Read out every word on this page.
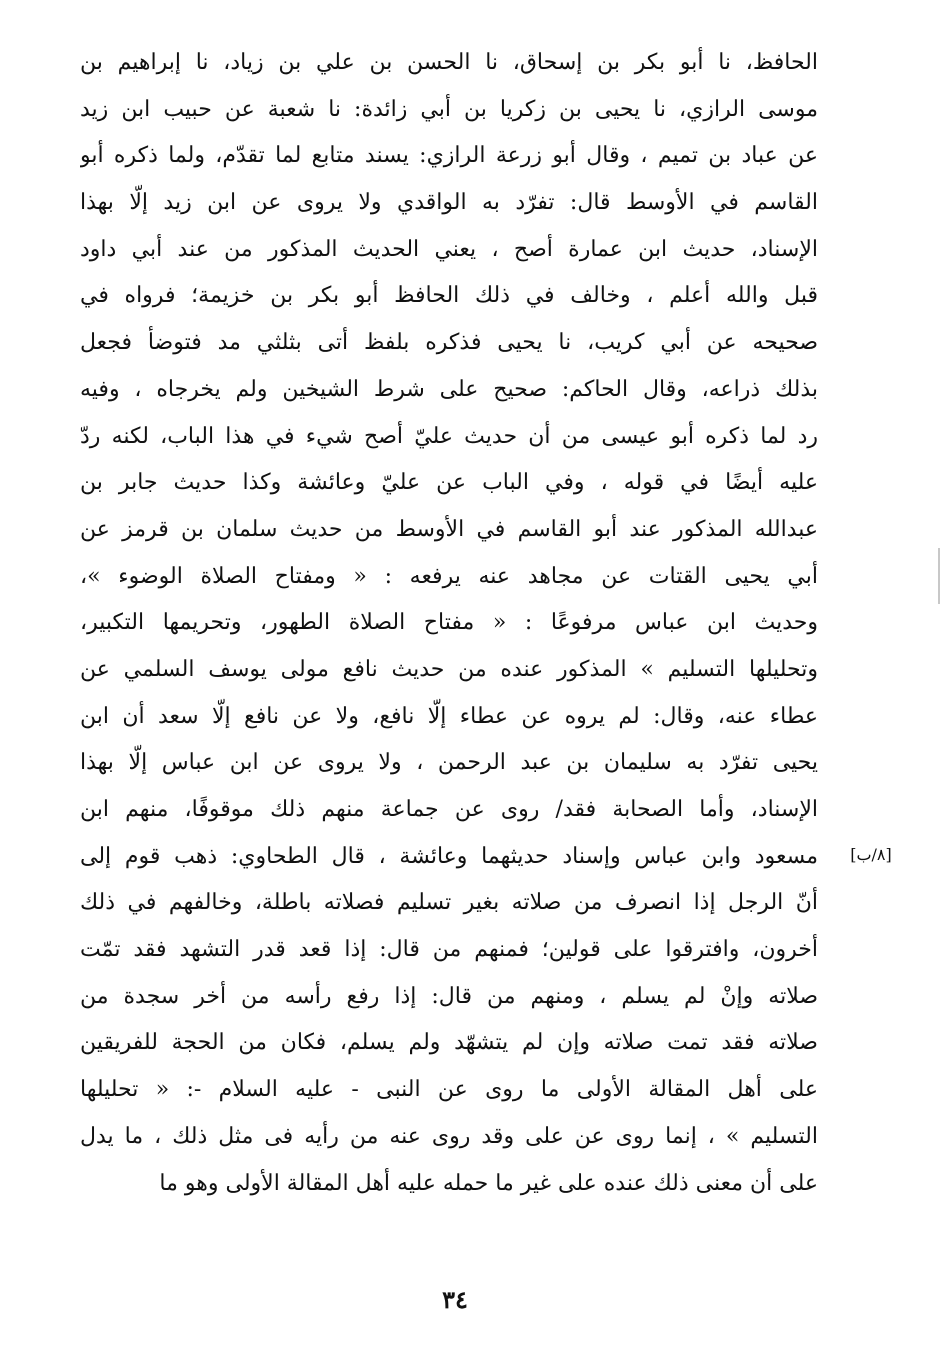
الحافظ، نا أبو بكر بن إسحاق، نا الحسن بن علي بن زياد، نا إبراهيم بن
موسى الرازي، نا يحيى بن زكريا بن أبي زائدة: نا شعبة عن حبيب ابن زيد
عن عباد بن تميم ، وقال أبو زرعة الرازي: يسند متابع لما تقدّم، ولما ذكره أبو
القاسم في الأوسط قال: تفرّد به الواقدي ولا يروى عن ابن زيد إلّا بهذا
الإسناد، حديث ابن عمارة أصح ، يعني الحديث المذكور من عند أبي داود
قبل والله أعلم ، وخالف في ذلك الحافظ أبو بكر بن خزيمة؛ فرواه في
صحيحه عن أبي كريب، نا يحيى فذكره بلفظ أتى بثلثي مد فتوضأ فجعل
بذلك ذراعه، وقال الحاكم: صحيح على شرط الشيخين ولم يخرجاه ، وفيه
رد لما ذكره أبو عيسى من أن حديث عليّ أصح شيء في هذا الباب، لكنه ردّ
عليه أيضًا في قوله ، وفي الباب عن عليّ وعائشة وكذا حديث جابر بن
عبدالله المذكور عند أبو القاسم في الأوسط من حديث سلمان بن قرمز عن
أبي يحيى القتات عن مجاهد عنه يرفعه : « ومفتاح الصلاة الوضوء »،
وحديث ابن عباس مرفوعًا : « مفتاح الصلاة الطهور، وتحريمها التكبير،
وتحليلها التسليم » المذكور عنده من حديث نافع مولى يوسف السلمي عن
عطاء عنه، وقال: لم يروه عن عطاء إلّا نافع، ولا عن نافع إلّا سعد أن ابن
يحيى تفرّد به سليمان بن عبد الرحمن ، ولا يروى عن ابن عباس إلّا بهذا
الإسناد، وأما الصحابة فقد/ روى عن جماعة منهم ذلك موقوفًا، منهم ابن
مسعود وابن عباس وإسناد حديثهما وعائشة ، قال الطحاوي: ذهب قوم إلى
أنّ الرجل إذا انصرف من صلاته بغير تسليم فصلاته باطلة، وخالفهم في ذلك
أخرون، وافترقوا على قولين؛ فمنهم من قال: إذا قعد قدر التشهد فقد تمّت
صلاته وإنْ لم يسلم ، ومنهم من قال: إذا رفع رأسه من أخر سجدة من
صلاته فقد تمت صلاته وإن لم يتشهّد ولم يسلم، فكان من الحجة للفريقين
على أهل المقالة الأولى ما روى عن النبى - عليه السلام -: « تحليلها
التسليم » ، إنما روى عن على وقد روى عنه من رأيه فى مثل ذلك ، ما يدل
على أن معنى ذلك عنده على غير ما حمله عليه أهل المقالة الأولى وهو ما
[٨/ب]
٣٤
